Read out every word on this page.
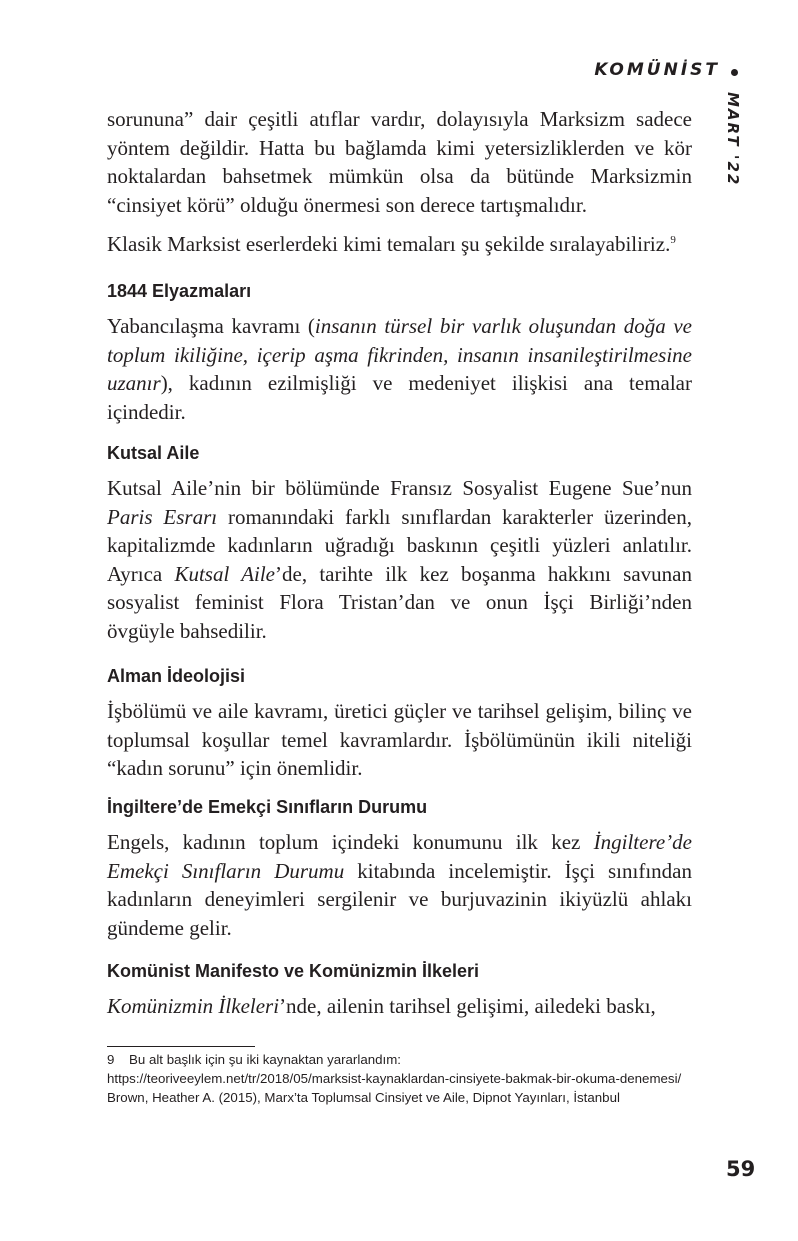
KOMÜNİST
MART '22

sorununa” dair çeşitli atıflar vardır, dolayısıyla Marksizm sadece yöntem değildir. Hatta bu bağlamda kimi yetersizliklerden ve kör noktalardan bahsetmek mümkün olsa da bütünde Marksizmin “cinsiyet körü” olduğu önermesi son derece tartışmalıdır.

Klasik Marksist eserlerdeki kimi temaları şu şekilde sıralayabiliriz.$^9$

1844 Elyazmaları

Yabancılaşma kavramı (insanın türsel bir varlık oluşundan doğa ve toplum ikiliğine, içerip aşma fikrinden, insanın insanileştirilmesine uzanır), kadının ezilmişliği ve medeniyet ilişkisi ana temalar içindedir.

Kutsal Aile

Kutsal Aile’nin bir bölümünde Fransız Sosyalist Eugene Sue’nun Paris Esrarı romanındaki farklı sınıflardan karakterler üzerinden, kapitalizmde kadınların uğradığı baskının çeşitli yüzleri anlatılır. Ayrıca Kutsal Aile’de, tarihte ilk kez boşanma hakkını savunan sosyalist feminist Flora Tristan’dan ve onun İşçi Birliği’nden övgüyle bahsedilir.

Alman İdeolojisi

İşbölümü ve aile kavramı, üretici güçler ve tarihsel gelişim, bilinç ve toplumsal koşullar temel kavramlardır. İşbölümünün ikili niteliği “kadın sorunu” için önemlidir.

İngiltere’de Emekçi Sınıfların Durumu

Engels, kadının toplum içindeki konumunu ilk kez İngiltere’de Emekçi Sınıfların Durumu kitabında incelemiştir. İşçi sınıfından kadınların deneyimleri sergilenir ve burjuvazinin ikiyüzlü ahlakı gündeme gelir.

Komünist Manifesto ve Komünizmin İlkeleri

Komünizmin İlkeleri’nde, ailenin tarihsel gelişimi, ailedeki baskı,

9 Bu alt başlık için şu iki kaynaktan yararlandım:
https://teoriveeylem.net/tr/2018/05/marksist-kaynaklardan-cinsiyete-bakmak-bir-okuma-denemesi/
Brown, Heather A. (2015), Marx’ta Toplumsal Cinsiyet ve Aile, Dipnot Yayınları, İstanbul
59
